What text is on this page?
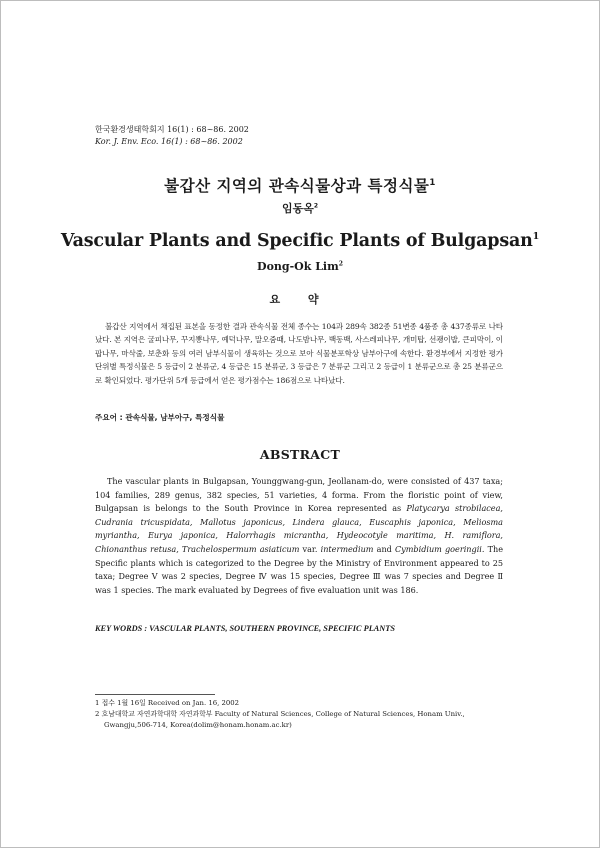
한국환경생태학회지 16(1) : 68~86. 2002
Kor. J. Env. Eco. 16(1) : 68~86. 2002
불갑산 지역의 관속식물상과 특정식물$^1$
임동옥$^2$
Vascular Plants and Specific Plants of Bulgapsan$^1$
Dong-Ok Lim$^2$
요 약
불갑산 지역에서 채집된 표본을 동정한 결과 관속식물 전체 종수는 104과 289속 382종 51변종 4품종 총 437종류로 나타났다. 본 지역은 굴피나무, 꾸지뽕나무, 예덕나무, 말오줌때, 나도밤나무, 백동백, 사스레피나무, 개미탑, 선괭이밥, 큰피막이, 이팝나무, 마삭줄, 보춘화 등의 여러 남부식물이 생육하는 것으로 보아 식물분포학상 남부아구에 속한다. 환경부에서 지정한 평가단위별 특정식물은 5 등급이 2 분류군, 4 등급은 15 분류군, 3 등급은 7 분류군 그리고 2 등급이 1 분류군으로 총 25 분류군으로 확인되었다. 평가단위 5개 등급에서 얻은 평가점수는 186점으로 나타났다.
주요어 : 관속식물, 남부아구, 특정식물
ABSTRACT
The vascular plants in Bulgapsan, Younggwang-gun, Jeollanam-do, were consisted of 437 taxa; 104 families, 289 genus, 382 species, 51 varieties, 4 forma. From the floristic point of view, Bulgapsan is belongs to the South Province in Korea represented as Platycarya strobilacea, Cudrania tricuspidata, Mallotus japonicus, Lindera glauca, Euscaphis japonica, Meliosma myriantha, Eurya japonica, Halorrhagis micrantha, Hydeocotyle maritima, H. ramiflora, Chionanthus retusa, Trachelospermum asiaticum var. intermedium and Cymbidium goeringii. The Specific plants which is categorized to the Degree by the Ministry of Environment appeared to 25 taxa; Degree Ⅴ was 2 species, Degree Ⅳ was 15 species, Degree Ⅲ was 7 species and Degree Ⅱ was 1 species. The mark evaluated by Degrees of five evaluation unit was 186.
KEY WORDS : VASCULAR PLANTS, SOUTHERN PROVINCE, SPECIFIC PLANTS
1 접수 1월 16일 Received on Jan. 16, 2002
2 호남대학교 자연과학대학 자연과학부 Faculty of Natural Sciences, College of Natural Sciences, Honam Univ.,
Gwangju,506-714, Korea(dolim@honam.honam.ac.kr)
